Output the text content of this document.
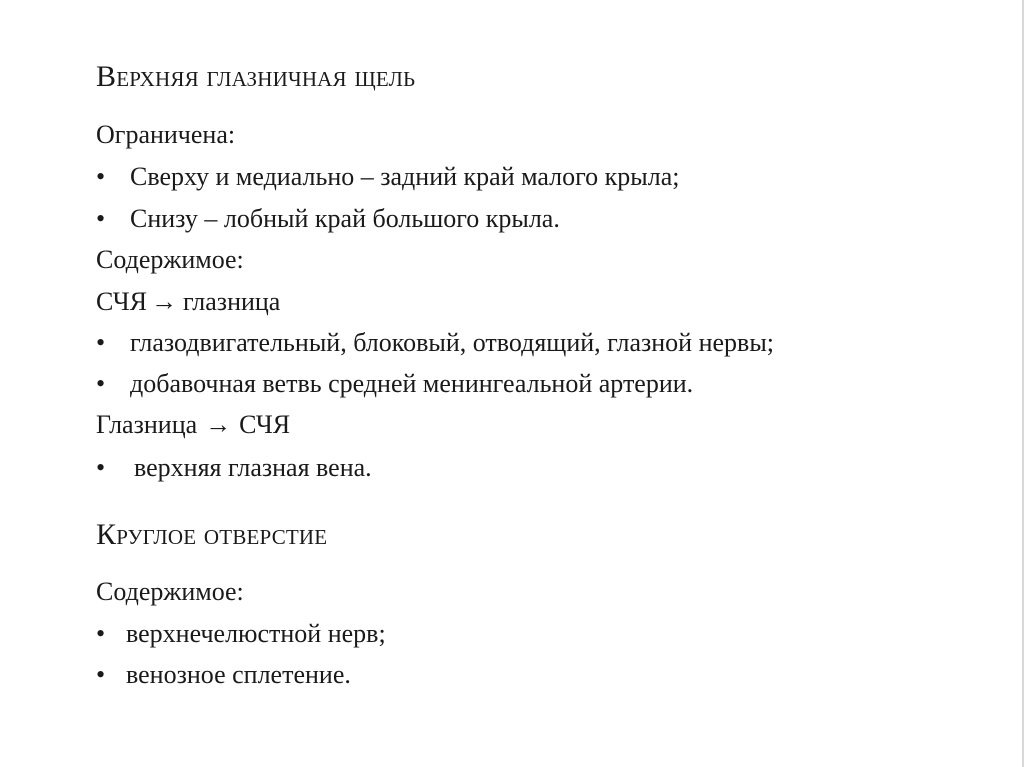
Верхняя глазничная щель
Ограничена:
• Сверху и медиально – задний край малого крыла;
• Снизу – лобный край большого крыла.
Содержимое:
СЧЯ → глазница
• глазодвигательный, блоковый, отводящий, глазной нервы;
• добавочная ветвь средней менингеальной артерии.
Глазница → СЧЯ
• верхняя глазная вена.
Круглое отверстие
Содержимое:
• верхнечелюстной нерв;
• венозное сплетение.
